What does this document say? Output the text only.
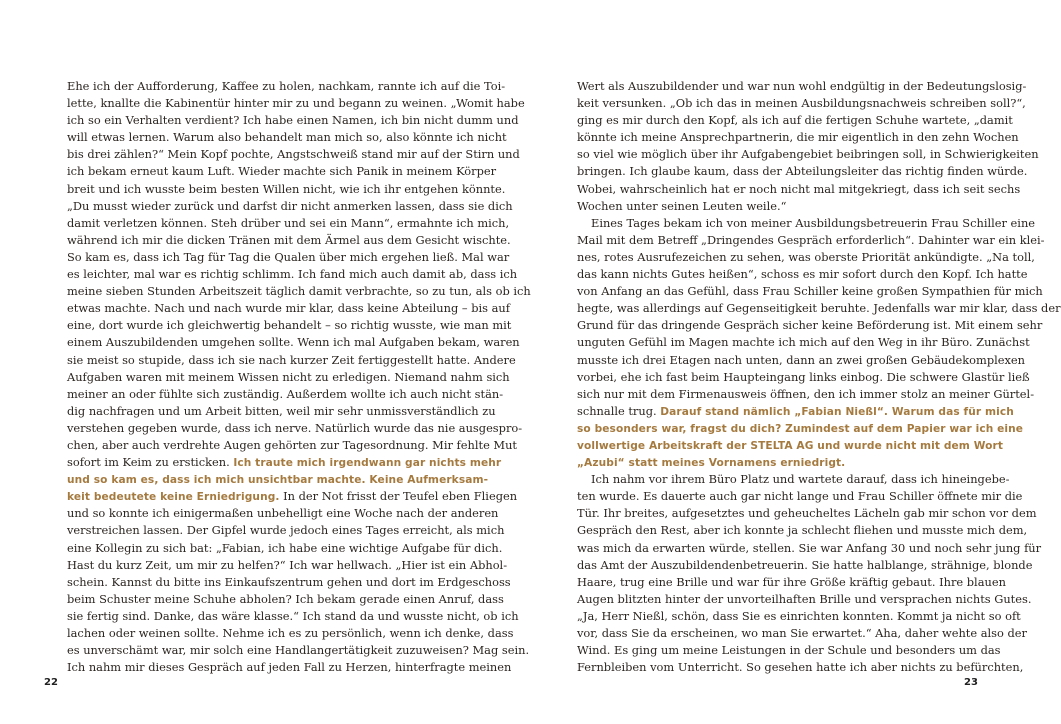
Ehe ich der Aufforderung, Kaffee zu holen, nachkam, rannte ich auf die Toi-
lette, knallte die Kabinentür hinter mir zu und begann zu weinen. „Womit habe
ich so ein Verhalten verdient? Ich habe einen Namen, ich bin nicht dumm und
will etwas lernen. Warum also behandelt man mich so, also könnte ich nicht
bis drei zählen?“ Mein Kopf pochte, Angstschweiß stand mir auf der Stirn und
ich bekam erneut kaum Luft. Wieder machte sich Panik in meinem Körper
breit und ich wusste beim besten Willen nicht, wie ich ihr entgehen könnte.
„Du musst wieder zurück und darfst dir nicht anmerken lassen, dass sie dich
damit verletzen können. Steh drüber und sei ein Mann“, ermahnte ich mich,
während ich mir die dicken Tränen mit dem Ärmel aus dem Gesicht wischte.
So kam es, dass ich Tag für Tag die Qualen über mich ergehen ließ. Mal war
es leichter, mal war es richtig schlimm. Ich fand mich auch damit ab, dass ich
meine sieben Stunden Arbeitszeit täglich damit verbrachte, so zu tun, als ob ich
etwas machte. Nach und nach wurde mir klar, dass keine Abteilung – bis auf
eine, dort wurde ich gleichwertig behandelt – so richtig wusste, wie man mit
einem Auszubildenden umgehen sollte. Wenn ich mal Aufgaben bekam, waren
sie meist so stupide, dass ich sie nach kurzer Zeit fertiggestellt hatte. Andere
Aufgaben waren mit meinem Wissen nicht zu erledigen. Niemand nahm sich
meiner an oder fühlte sich zuständig. Außerdem wollte ich auch nicht stän-
dig nachfragen und um Arbeit bitten, weil mir sehr unmissverständlich zu
verstehen gegeben wurde, dass ich nerve. Natürlich wurde das nie ausgespro-
chen, aber auch verdrehte Augen gehörten zur Tagesordnung. Mir fehlte Mut
sofort im Keim zu ersticken. Ich traute mich irgendwann gar nichts mehr
und so kam es, dass ich mich unsichtbar machte. Keine Aufmerksam-
keit bedeutete keine Erniedrigung. In der Not frisst der Teufel eben Fliegen
und so konnte ich einigermaßen unbehelligt eine Woche nach der anderen
verstreichen lassen. Der Gipfel wurde jedoch eines Tages erreicht, als mich
eine Kollegin zu sich bat: „Fabian, ich habe eine wichtige Aufgabe für dich.
Hast du kurz Zeit, um mir zu helfen?“ Ich war hellwach. „Hier ist ein Abhol-
schein. Kannst du bitte ins Einkaufszentrum gehen und dort im Erdgeschoss
beim Schuster meine Schuhe abholen? Ich bekam gerade einen Anruf, dass
sie fertig sind. Danke, das wäre klasse.“ Ich stand da und wusste nicht, ob ich
lachen oder weinen sollte. Nehme ich es zu persönlich, wenn ich denke, dass
es unverschämt war, mir solch eine Handlangertätigkeit zuzuweisen? Mag sein.
Ich nahm mir dieses Gespräch auf jeden Fall zu Herzen, hinterfragte meinen
Wert als Auszubildender und war nun wohl endgültig in der Bedeutungslosig-
keit versunken. „Ob ich das in meinen Ausbildungsnachweis schreiben soll?“,
ging es mir durch den Kopf, als ich auf die fertigen Schuhe wartete, „damit
könnte ich meine Ansprechpartnerin, die mir eigentlich in den zehn Wochen
so viel wie möglich über ihr Aufgabengebiet beibringen soll, in Schwierigkeiten
bringen. Ich glaube kaum, dass der Abteilungsleiter das richtig finden würde.
Wobei, wahrscheinlich hat er noch nicht mal mitgekriegt, dass ich seit sechs
Wochen unter seinen Leuten weile.“
Eines Tages bekam ich von meiner Ausbildungsbetreuerin Frau Schiller eine
Mail mit dem Betreff „Dringendes Gespräch erforderlich“. Dahinter war ein klei-
nes, rotes Ausrufezeichen zu sehen, was oberste Priorität ankündigte. „Na toll,
das kann nichts Gutes heißen“, schoss es mir sofort durch den Kopf. Ich hatte
von Anfang an das Gefühl, dass Frau Schiller keine großen Sympathien für mich
hegte, was allerdings auf Gegenseitigkeit beruhte. Jedenfalls war mir klar, dass der
Grund für das dringende Gespräch sicher keine Beförderung ist. Mit einem sehr
unguten Gefühl im Magen machte ich mich auf den Weg in ihr Büro. Zunächst
musste ich drei Etagen nach unten, dann an zwei großen Gebäudekomplexen
vorbei, ehe ich fast beim Haupteingang links einbog. Die schwere Glastür ließ
sich nur mit dem Firmenausweis öffnen, den ich immer stolz an meiner Gürtel-
schnalle trug. Darauf stand nämlich „Fabian Nießl“. Warum das für mich
so besonders war, fragst du dich? Zumindest auf dem Papier war ich eine
vollwertige Arbeitskraft der STELTA AG und wurde nicht mit dem Wort
„Azubi“ statt meines Vornamens erniedrigt.
Ich nahm vor ihrem Büro Platz und wartete darauf, dass ich hineingebe-
ten wurde. Es dauerte auch gar nicht lange und Frau Schiller öffnete mir die
Tür. Ihr breites, aufgesetztes und geheucheltes Lächeln gab mir schon vor dem
Gespräch den Rest, aber ich konnte ja schlecht fliehen und musste mich dem,
was mich da erwarten würde, stellen. Sie war Anfang 30 und noch sehr jung für
das Amt der Auszubildendenbetreuerin. Sie hatte halblange, strähnige, blonde
Haare, trug eine Brille und war für ihre Größe kräftig gebaut. Ihre blauen
Augen blitzten hinter der unvorteilhaften Brille und versprachen nichts Gutes.
„Ja, Herr Nießl, schön, dass Sie es einrichten konnten. Kommt ja nicht so oft
vor, dass Sie da erscheinen, wo man Sie erwartet.“ Aha, daher wehte also der
Wind. Es ging um meine Leistungen in der Schule und besonders um das
Fernbleiben vom Unterricht. So gesehen hatte ich aber nichts zu befürchten,
22	23
